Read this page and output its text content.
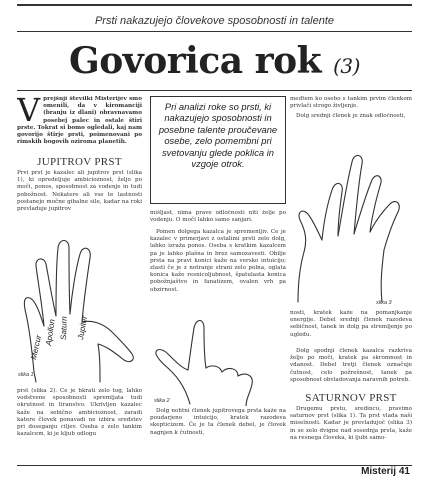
Prsti nakazujejo človekove sposobnosti in talente
Govorica rok (3)
V prejšnji številki Misterijev smo omenili, da v kiromanciji (branju iz dlani) obravnavamo posebej palec in ostale štiri prste. Tokrat si bomo ogledali, kaj nam govorijo štirje prsti, poimenovani po rimskih bogovih oziroma planetih.
JUPITROV PRST
Prvi prst je kazalec ali jupitrov prst (slika 1), ki opredeljuje ambicioznost, željo po moči, ponos, sposobnost za vodenje in tudi pobožnost. Nekatere ali vse te lastnosti postanejo močne gibalne sile, kadar na roki prevladuje jupitrov
Mercur
Apollon Saturn Jupiter
slika 1
prst (slika 2). Če je hkrati zelo tog, lahko vodstvene sposobnosti spremljata tudi okrutnost in tiranstvo. Ukrivljen kazalec kaže na sebično ambicioznost, zaradi katere človek ponavadi ne izbira sredstev pri doseganju ciljev. Oseba z zelo tankim kazalcem, ki je kljub odlogu
Pri analizi roke so prsti, ki nakazujejo sposobnosti in posebne talente proučevane osebe, zelo pomembni pri svetovanju glede poklica in vzgoje otrok.
mišljast, nima prave odločnosti niti želje po vodenju. O moči lahko samo sanjari.
Pomen dolgega kazalca je spremenljiv. Če je kazalec v primerjavi z ostalimi prsti zelo dolg, lahko izraža ponos. Oseba s kratkim kazalcem pa je lahko plašna in brez samozavesti. Obilje prsta na pravi konici kaže na versko intuicijo; zlasti če je z notranje strani zelo polna, oglata konica kaže resnicoljubnost, špatulasta konica pobožnjaštvo in fanatizem, ovalen vrh pa obzirnost.
slika 2
Dolg nohtni členek jupitrovega prsta kaže na poudarjeno intuicijo, kratek razodeva skepticizem. Če je ta členek debel, je človek nagnjen k čutnosti,
medtem ko osebo s tankim prvim členkom privlači strogo življenje.
Dolg srednji členek je znak odločnosti,
slika 3
nosti, kratek kaže na pomanjkanje energije. Debel srednji členek razodeva sebičnost, tanek in dolg pa stremljenje po ugledu.
Dolg spodnji členek kazalca razkriva željo po moči, kratek pa skromnost in vdanost. Debel tretji členek označuje čutnost, celo požrešnost, tanek pa sposobnost obvladovanja naravnih potreb.
SATURNOV PRST
Drugemu prstu, sredincu, pravimo saturnov prst (slika 1). Ta prst vlada naši miselnosti. Kadar je prevladujoč (slika 3) in se zelo dvigne nad sosednja prsta, kaže na resnega človeka, ki ljubi samo-
Misterij 41
